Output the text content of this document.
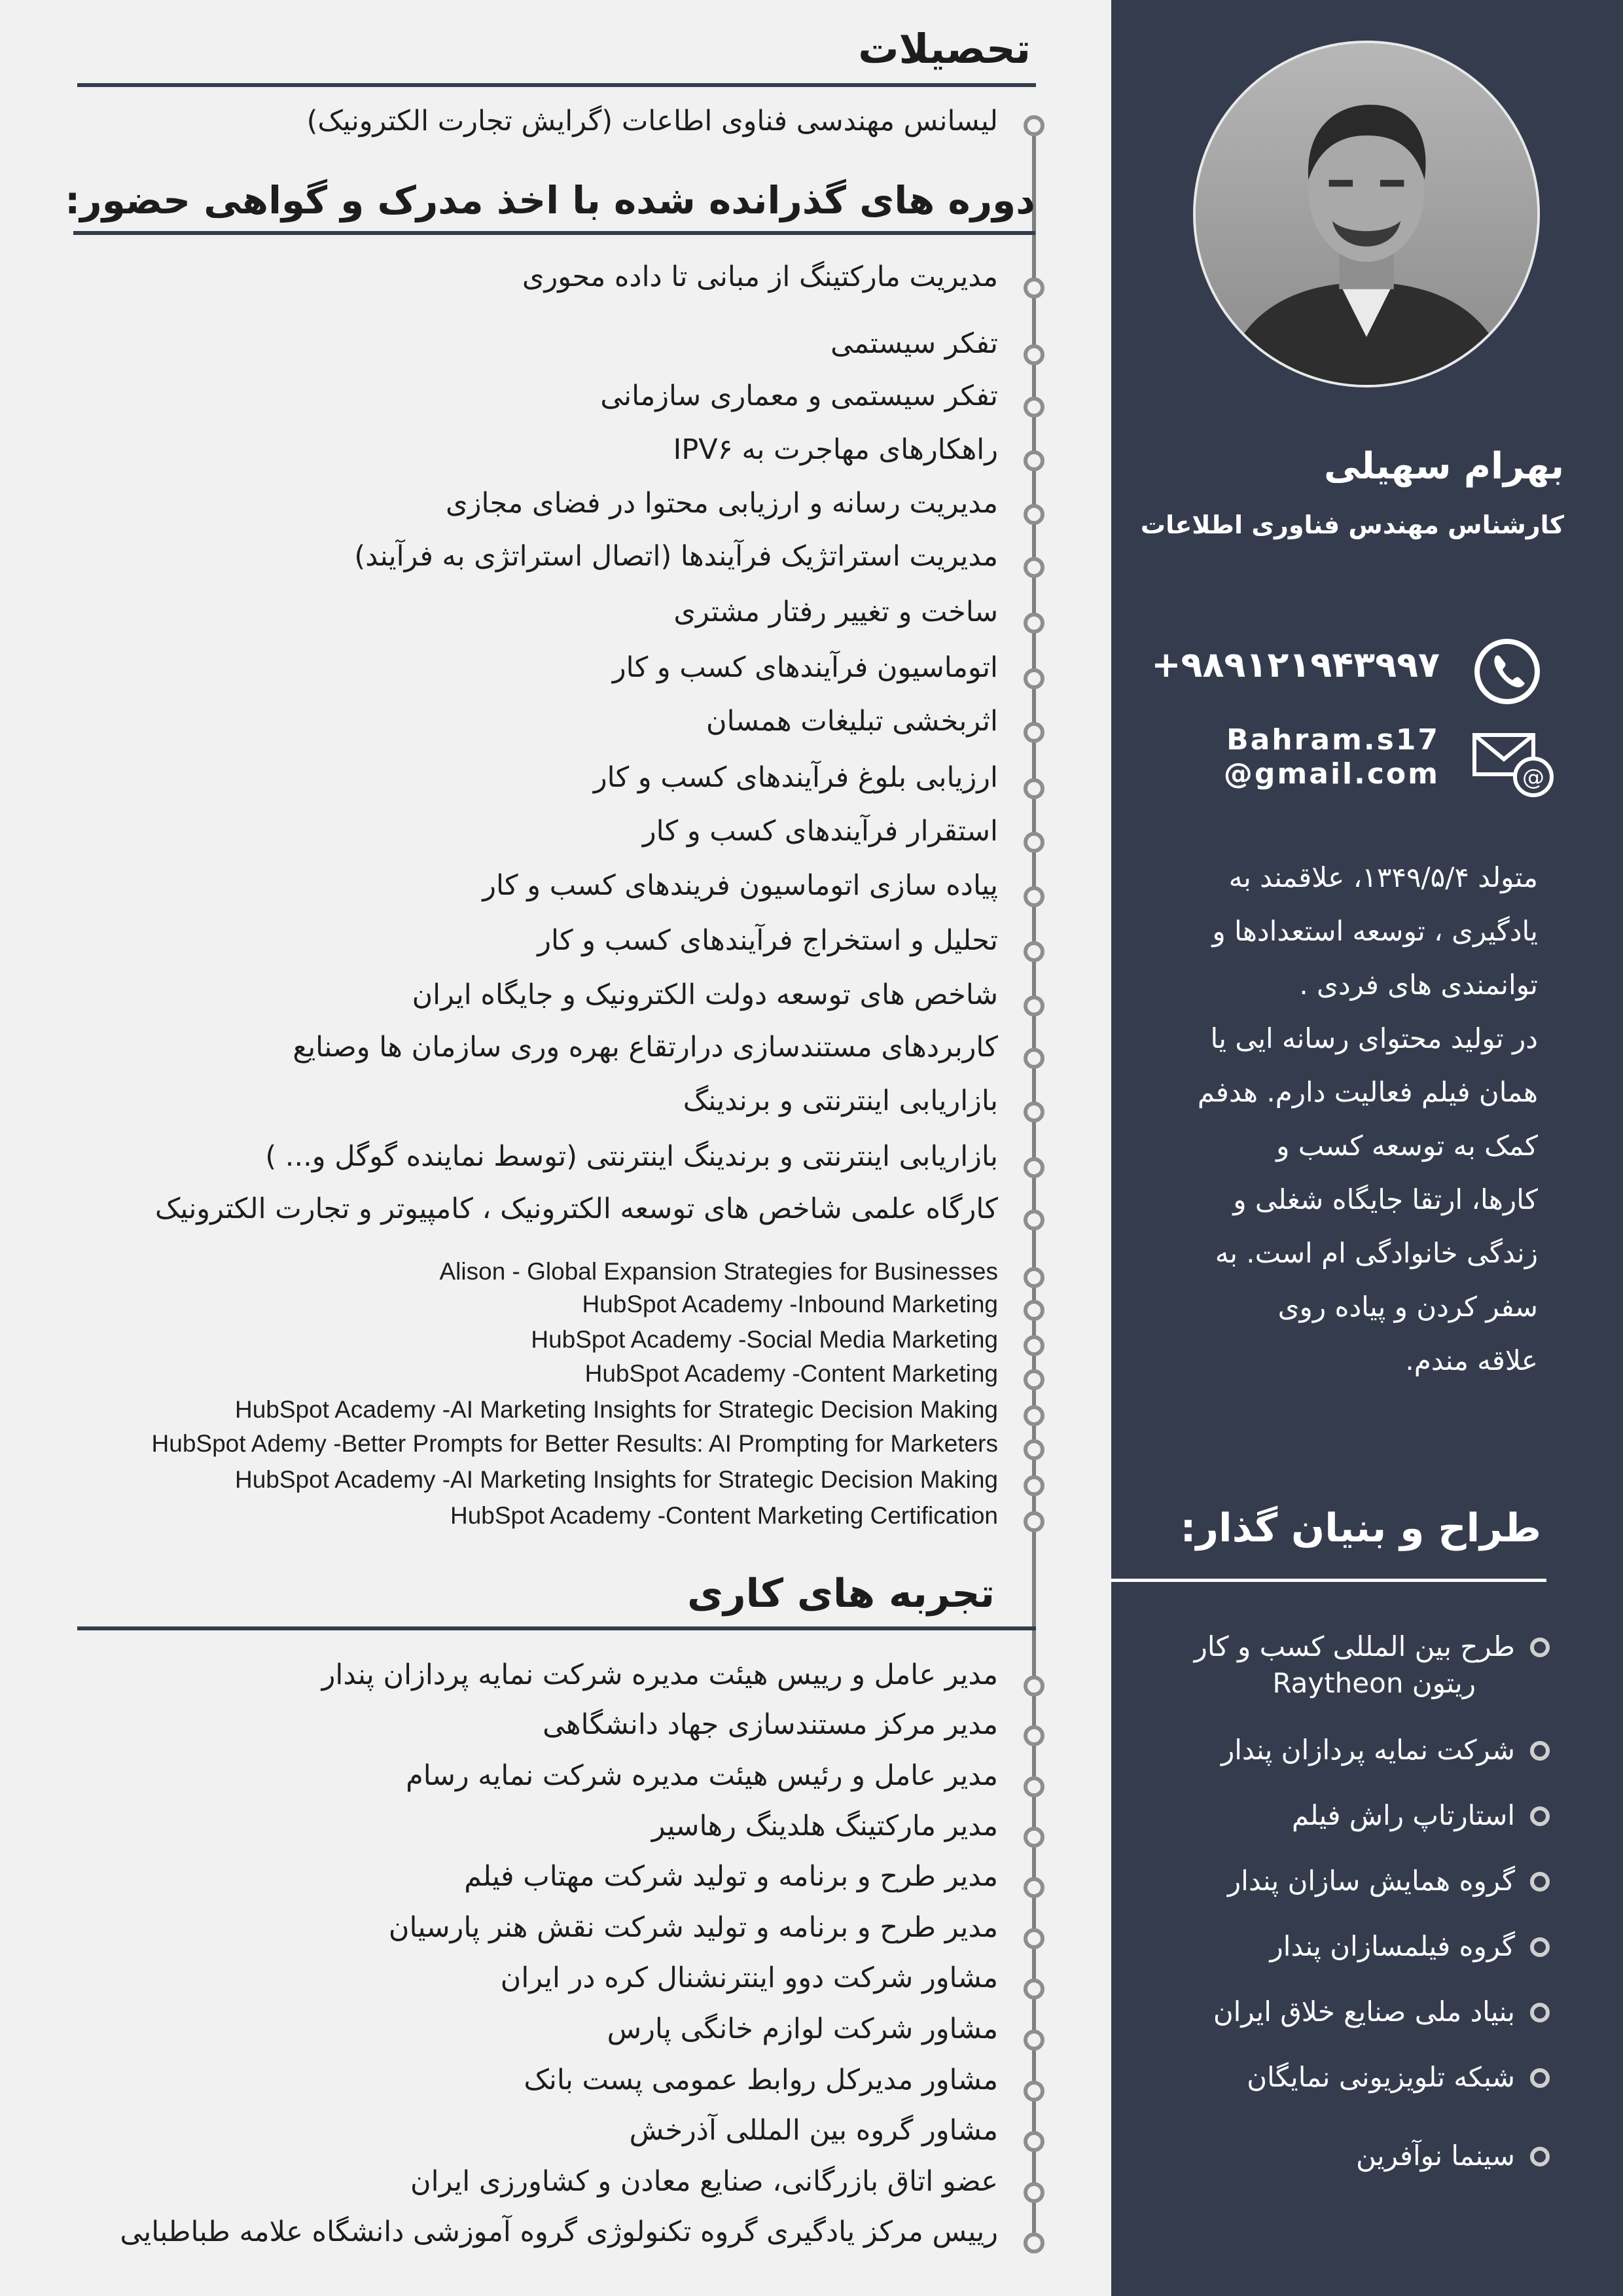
بهرام سهیلی
کارشناس مهندس فناوری اطلاعات
+۹۸۹۱۲۱۹۴۳۹۹۷
@
Bahram.s17
@gmail.com
متولد ۱۳۴۹/۵/۴، علاقمند به
یادگیری ، توسعه استعدادها و
توانمندی های فردی .
در تولید محتوای رسانه ایی یا
همان فیلم فعالیت دارم. هدفم
کمک به توسعه کسب و
کارها، ارتقا جایگاه شغلی و
زندگی خانوادگی ام است. به
سفر کردن و پیاده روی
علاقه مندم.
طراح و بنیان گذار:
طرح بین المللی کسب و کار
ریتون Raytheon
شرکت نمایه پردازان پندار
استارتاپ راش فیلم
گروه همایش سازان پندار
گروه فیلمسازان پندار
بنیاد ملی صنایع خلاق ایران
شبکه تلویزیونی نمایگان
سینما نوآفرین
تحصیلات
لیسانس مهندسی فناوی اطاعات (گرایش تجارت الکترونیک)
دوره های گذرانده شده با اخذ مدرک و گواهی حضور:
مدیریت مارکتینگ از مبانی تا داده محوری
تفکر سیستمی
تفکر سیستمی و معماری سازمانی
راهکارهای مهاجرت به IPV۶
مدیریت رسانه و ارزیابی محتوا در فضای مجازی
مدیریت استراتژیک فرآیندها (اتصال استراتژی به فرآیند)
ساخت و تغییر رفتار مشتری
اتوماسیون فرآیندهای کسب و کار
اثربخشی تبلیغات همسان
ارزیابی بلوغ فرآیندهای کسب و کار
استقرار فرآیندهای کسب و کار
پیاده سازی اتوماسیون فریندهای کسب و کار
تحلیل و استخراج فرآیندهای کسب و کار
شاخص های توسعه دولت الکترونیک و جایگاه ایران
کاربردهای مستندسازی درارتقاع بهره وری سازمان ها وصنایع
بازاریابی اینترنتی و برندینگ
بازاریابی اینترنتی و برندینگ اینترنتی (توسط نماینده گوگل و... )
کارگاه علمی شاخص های توسعه الکترونیک ، کامپیوتر و تجارت الکترونیک
Alison - Global Expansion Strategies for Businesses
HubSpot Academy -Inbound Marketing
HubSpot Academy -Social Media Marketing
HubSpot Academy -Content Marketing
HubSpot Academy -AI Marketing Insights for Strategic Decision Making
HubSpot Ademy -Better Prompts for Better Results: AI Prompting for Marketers
HubSpot Academy -AI Marketing Insights for Strategic Decision Making
HubSpot Academy -Content Marketing Certification
تجربه های کاری
مدیر عامل و رییس هیئت مدیره شرکت نمایه پردازان پندار
مدیر مرکز مستندسازی جهاد دانشگاهی
مدیر عامل و رئیس هیئت مدیره شرکت نمایه رسام
مدیر مارکتینگ هلدینگ رهاسیر
مدیر طرح و برنامه و تولید شرکت مهتاب فیلم
مدیر طرح و برنامه و تولید شرکت نقش هنر پارسیان
مشاور شرکت دوو اینترنشنال کره در ایران
مشاور شرکت لوازم خانگی پارس
مشاور مدیرکل روابط عمومی پست بانک
مشاور گروه بین المللی آذرخش
عضو اتاق بازرگانی، صنایع معادن و کشاورزی ایران
رییس مرکز یادگیری گروه تکنولوژی گروه آموزشی دانشگاه علامه طباطبایی
